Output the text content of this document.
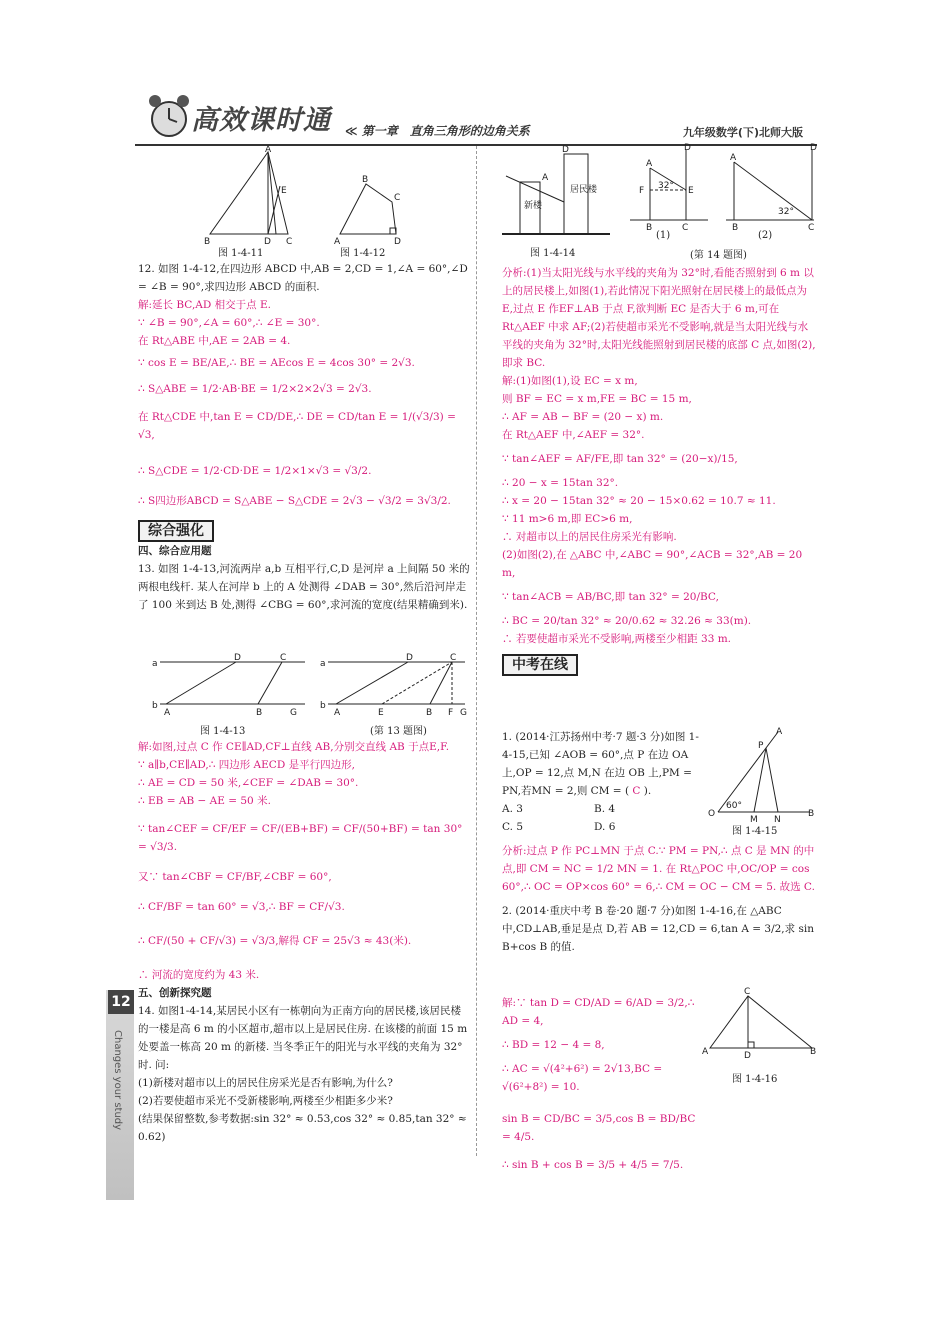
高效课时通 ≪ 第一章　直角三角形的边角关系	九年级数学(下)北师大版
A
B	D C
E
A
B
C
D
图 1-4-11	图 1-4-12

12. 如图 1-4-12,在四边形 ABCD 中,AB = 2,CD = 1,∠A = 60°,∠D = ∠B = 90°,求四边形 ABCD 的面积.

解:延长 BC,AD 相交于点 E.

∵ ∠B = 90°,∠A = 60°,∴ ∠E = 30°.

在 Rt△ABE 中,AE = 2AB = 4.

∵ cos E = BE/AE,∴ BE = AEcos E = 4cos 30° = 2√3.

∴ S△ABE = 1/2·AB·BE = 1/2×2×2√3 = 2√3.

在 Rt△CDE 中,tan E = CD/DE,∴ DE = CD/tan E = 1/(√3/3) = √3,

∴ S△CDE = 1/2·CD·DE = 1/2×1×√3 = √3/2.

∴ S四边形ABCD = S△ABE − S△CDE = 2√3 − √3/2 = 3√3/2.

综合强化

四、综合应用题

13. 如图 1-4-13,河流两岸 a,b 互相平行,C,D 是河岸 a 上间隔 50 米的两根电线杆. 某人在河岸 b 上的 A 处测得 ∠DAB = 30°,然后沿河岸走了 100 米到达 B 处,测得 ∠CBG = 60°,求河流的宽度(结果精确到米).

a
b
D	C
A	B	G
a
b
D	C
A	E	B F G
图 1-4-13	(第 13 题图)

解:如图,过点 C 作 CE∥AD,CF⊥直线 AB,分别交直线 AB 于点E,F.

∵ a∥b,CE∥AD,∴ 四边形 AECD 是平行四边形,

∴ AE = CD = 50 米,∠CEF = ∠DAB = 30°.

∴ EB = AB − AE = 50 米.

∵ tan∠CEF = CF/EF = CF/(EB+BF) = CF/(50+BF) = tan 30° = √3/3.

又∵ tan∠CBF = CF/BF,∠CBF = 60°,

∴ CF/BF = tan 60° = √3,∴ BF = CF/√3.

∴ CF/(50 + CF/√3) = √3/3,解得 CF = 25√3 ≈ 43(米).

∴ 河流的宽度约为 43 米.

五、创新探究题

14. 如图1-4-14,某居民小区有一栋朝向为正南方向的居民楼,该居民楼的一楼是高 6 m 的小区超市,超市以上是居民住房. 在该楼的前面 15 m 处要盖一栋高 20 m 的新楼. 当冬季正午的阳光与水平线的夹角为 32°时. 问:

(1)新楼对超市以上的居民住房采光是否有影响,为什么?

(2)若要使超市采光不受新楼影响,两楼至少相距多少米?

(结果保留整数,参考数据:sin 32° ≈ 0.53,cos 32° ≈ 0.85,tan 32° ≈ 0.62)

新楼
居民楼
A
D
A
D
F	E
32°
B	C
A
D
32°
B	C
图 1-4-14
(1)	(2)
(第 14 题图)

分析:(1)当太阳光线与水平线的夹角为 32°时,看能否照射到 6 m 以上的居民楼上,如图(1),若此情况下阳光照射在居民楼上的最低点为 E,过点 E 作EF⊥AB 于点 F,欲判断 EC 是否大于 6 m,可在 Rt△AEF 中求 AF;(2)若使超市采光不受影响,就是当太阳光线与水平线的夹角为 32°时,太阳光线能照射到居民楼的底部 C 点,如图(2),即求 BC.

解:(1)如图(1),设 EC = x m,

则 BF = EC = x m,FE = BC = 15 m,

∴ AF = AB − BF = (20 − x) m.

在 Rt△AEF 中,∠AEF = 32°.

∵ tan∠AEF = AF/FE,即 tan 32° = (20−x)/15,

∴ 20 − x = 15tan 32°.

∴ x = 20 − 15tan 32° ≈ 20 − 15×0.62 = 10.7 ≈ 11.

∵ 11 m>6 m,即 EC>6 m,

∴ 对超市以上的居民住房采光有影响.

(2)如图(2),在 △ABC 中,∠ABC = 90°,∠ACB = 32°,AB = 20 m,

∵ tan∠ACB = AB/BC,即 tan 32° = 20/BC,

∴ BC = 20/tan 32° ≈ 20/0.62 ≈ 32.26 ≈ 33(m).

∴ 若要使超市采光不受影响,两楼至少相距 33 m.

中考在线

O
A
P
M N
B
60°
图 1-4-15

1. (2014·江苏扬州中考·7 题·3 分)如图 1-4-15,已知 ∠AOB = 60°,点 P 在边 OA 上,OP = 12,点 M,N 在边 OB 上,PM = PN,若MN = 2,则 CM = ( C ).

A. 3	B. 4

C. 5	D. 6

分析:过点 P 作 PC⊥MN 于点 C.∵ PM = PN,∴ 点 C 是 MN 的中点,即 CM = NC = 1/2 MN = 1. 在 Rt△POC 中,OC/OP = cos 60°,∴ OC = OP×cos 60° = 6,∴ CM = OC − CM = 5. 故选 C.

2. (2014·重庆中考 B 卷·20 题·7 分)如图 1-4-16,在 △ABC 中,CD⊥AB,垂足是点 D,若 AB = 12,CD = 6,tan A = 3/2,求 sin B+cos B 的值.

C
A	D	B
图 1-4-16

解:∵ tan D = CD/AD = 6/AD = 3/2,∴ AD = 4,

∴ BD = 12 − 4 = 8,

∴ AC = √(4²+6²) = 2√13,BC = √(6²+8²) = 10.

sin B = CD/BC = 3/5,cos B = BD/BC = 4/5.

∴ sin B + cos B = 3/5 + 4/5 = 7/5.

12
Changes your study
